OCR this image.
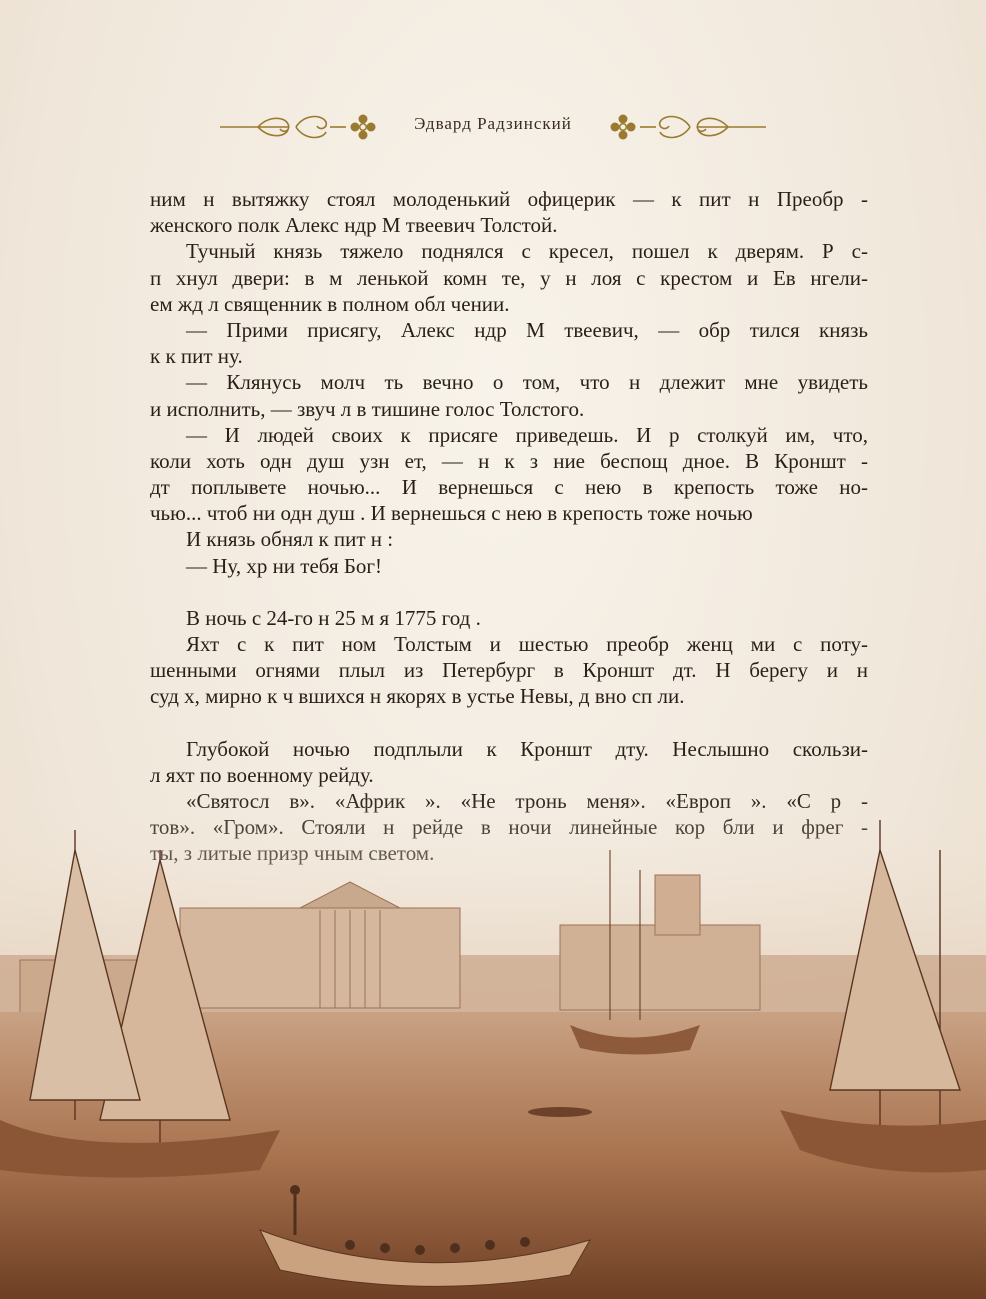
Эдвард Радзинский
ним н вытяжку стоял молоденький офицерик — к пит н Преобр -
женского полк Алекс ндр М твеевич Толстой.
Тучный князь тяжело поднялся с кресел, пошел к дверям. Р с-
п хнул двери: в м ленькой комн те, у н лоя с крестом и Ев нгели-
ем жд л священник в полном обл чении.
— Прими присягу, Алекс ндр М твеевич, — обр тился князь
к к пит ну.
— Клянусь молч ть вечно о том, что н длежит мне увидеть
и исполнить, — звуч л в тишине голос Толстого.
— И людей своих к присяге приведешь. И р столкуй им, что,
коли хоть одн душ узн ет, — н к з ние беспощ дное. В Кроншт -
дт поплывете ночью... И вернешься с нею в крепость тоже но-
чью... чтоб ни одн душ . И вернешься с нею в крепость тоже ночью
И князь обнял к пит н :
— Ну, хр ни тебя Бог!
В ночь с 24-го н 25 м я 1775 год .
Яхт с к пит ном Толстым и шестью преобр женц ми с поту-
шенными огнями плыл из Петербург в Кроншт дт. Н берегу и н
суд х, мирно к ч вшихся н якорях в устье Невы, д вно сп ли.
Глубокой ночью подплыли к Кроншт дту. Неслышно скользи-
л яхт по военному рейду.
